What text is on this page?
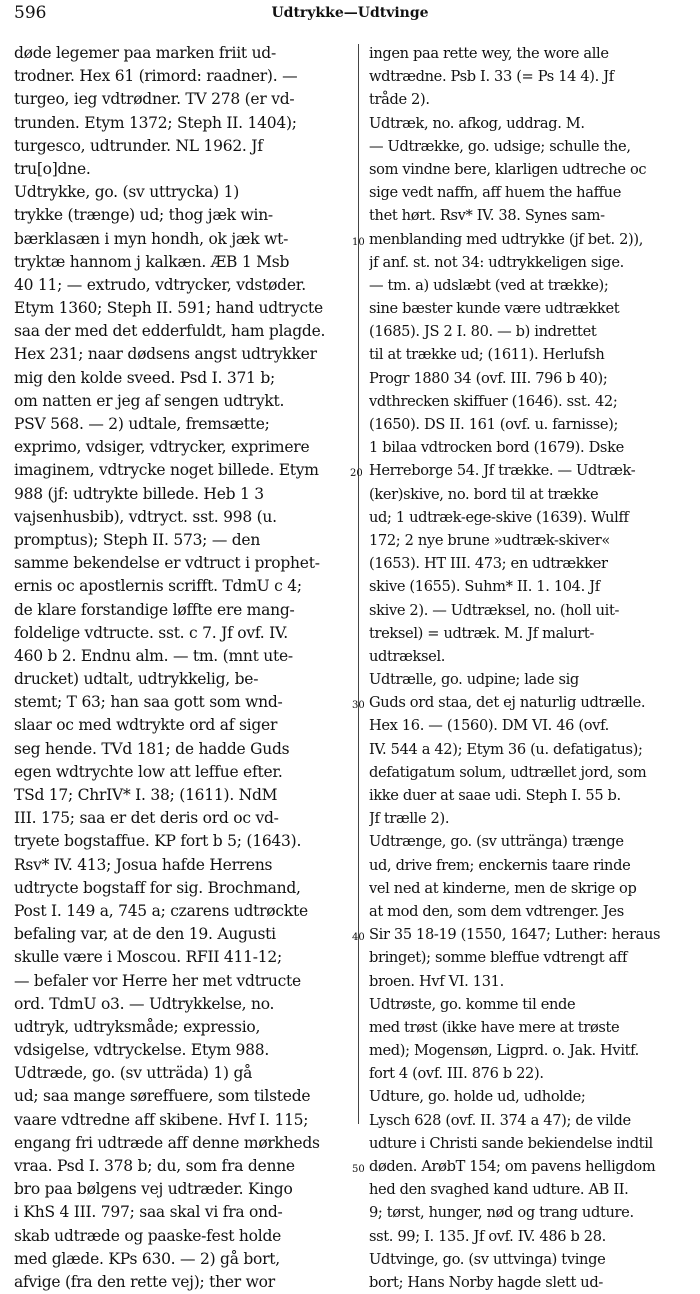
596	Udtrykke—Udtvinge
10
20
30
40
50
døde legemer paa marken friit ud-
trodner. Hex 61 (rimord: raadner). —
turgeo, ieg vdtrødner. TV 278 (er vd-
trunden. Etym 1372; Steph II. 1404);
turgesco, udtrunder. NL 1962. Jf
tru[o]dne.
Udtrykke, go. (sv uttrycka) 1)
trykke (trænge) ud; thog jæk win-
bærklasæn i myn hondh, ok jæk wt-
tryktæ hannom j kalkæn. ÆB 1 Msb
40 11; — extrudo, vdtrycker, vdstøder.
Etym 1360; Steph II. 591; hand udtrycte
saa der med det edderfuldt, ham plagde.
Hex 231; naar dødsens angst udtrykker
mig den kolde sveed. Psd I. 371 b;
om natten er jeg af sengen udtrykt.
PSV 568. — 2) udtale, fremsætte;
exprimo, vdsiger, vdtrycker, exprimere
imaginem, vdtrycke noget billede. Etym
988 (jf: udtrykte billede. Heb 1 3
vajsenhusbib), vdtryct. sst. 998 (u.
promptus); Steph II. 573; — den
samme bekendelse er vdtruct i prophet-
ernis oc apostlernis scrifft. TdmU c 4;
de klare forstandige løffte ere mang-
foldelige vdtructe. sst. c 7. Jf ovf. IV.
460 b 2. Endnu alm. — tm. (mnt ute-
drucket) udtalt, udtrykkelig, be-
stemt; T 63; han saa gott som wnd-
slaar oc med wdtrykte ord af siger
seg hende. TVd 181; de hadde Guds
egen wdtrychte low att leffue efter.
TSd 17; ChrIV* I. 38; (1611). NdM
III. 175; saa er det deris ord oc vd-
tryete bogstaffue. KP fort b 5; (1643).
Rsv* IV. 413; Josua hafde Herrens
udtrycte bogstaff for sig. Brochmand,
Post I. 149 a, 745 a; czarens udtrøckte
befaling var, at de den 19. Augusti
skulle være i Moscou. RFII 411-12;
— befaler vor Herre her met vdtructe
ord. TdmU o3. — Udtrykkelse, no.
udtryk, udtryksmåde; expressio,
vdsigelse, vdtryckelse. Etym 988.
Udtræde, go. (sv utträda) 1) gå
ud; saa mange søreffuere, som tilstede
vaare vdtredne aff skibene. Hvf I. 115;
engang fri udtræde aff denne mørkheds
vraa. Psd I. 378 b; du, som fra denne
bro paa bølgens vej udtræder. Kingo
i KhS 4 III. 797; saa skal vi fra ond-
skab udtræde og paaske-fest holde
med glæde. KPs 630. — 2) gå bort,
afvige (fra den rette vej); ther wor
ingen paa rette wey, the wore alle
wdtrædne. Psb I. 33 (= Ps 14 4). Jf
tråde 2).
Udtræk, no. afkog, uddrag. M.
— Udtrække, go. udsige; schulle the,
som vindne bere, klarligen udtreche oc
sige vedt naffn, aff huem the haffue
thet hørt. Rsv* IV. 38. Synes sam-
menblanding med udtrykke (jf bet. 2)),
jf anf. st. not 34: udtrykkeligen sige.
— tm. a) udslæbt (ved at trække);
sine bæster kunde være udtrækket
(1685). JS 2 I. 80. — b) indrettet
til at trække ud; (1611). Herlufsh
Progr 1880 34 (ovf. III. 796 b 40);
vdthrecken skiffuer (1646). sst. 42;
(1650). DS II. 161 (ovf. u. farnisse);
1 bilaa vdtrocken bord (1679). Dske
Herreborge 54. Jf trække. — Udtræk-
(ker)skive, no. bord til at trække
ud; 1 udtræk-ege-skive (1639). Wulff
172; 2 nye brune »udtræk-skiver«
(1653). HT III. 473; en udtrækker
skive (1655). Suhm* II. 1. 104. Jf
skive 2). — Udtræksel, no. (holl uit-
treksel) = udtræk. M. Jf malurt-
udtræksel.
Udtrælle, go. udpine; lade sig
Guds ord staa, det ej naturlig udtrælle.
Hex 16. — (1560). DM VI. 46 (ovf.
IV. 544 a 42); Etym 36 (u. defatigatus);
defatigatum solum, udtrællet jord, som
ikke duer at saae udi. Steph I. 55 b.
Jf trælle 2).
Udtrænge, go. (sv uttränga) trænge
ud, drive frem; enckernis taare rinde
vel ned at kinderne, men de skrige op
at mod den, som dem vdtrenger. Jes
Sir 35 18-19 (1550, 1647; Luther: heraus
bringet); somme bleffue vdtrengt aff
broen. Hvf VI. 131.
Udtrøste, go. komme til ende
med trøst (ikke have mere at trøste
med); Mogensøn, Ligprd. o. Jak. Hvitf.
fort 4 (ovf. III. 876 b 22).
Udture, go. holde ud, udholde;
Lysch 628 (ovf. II. 374 a 47); de vilde
udture i Christi sande bekiendelse indtil
døden. ArøbT 154; om pavens helligdom
hed den svaghed kand udture. AB II.
9; tørst, hunger, nød og trang udture.
sst. 99; I. 135. Jf ovf. IV. 486 b 28.
Udtvinge, go. (sv uttvinga) tvinge
bort; Hans Norby hagde slett ud-
